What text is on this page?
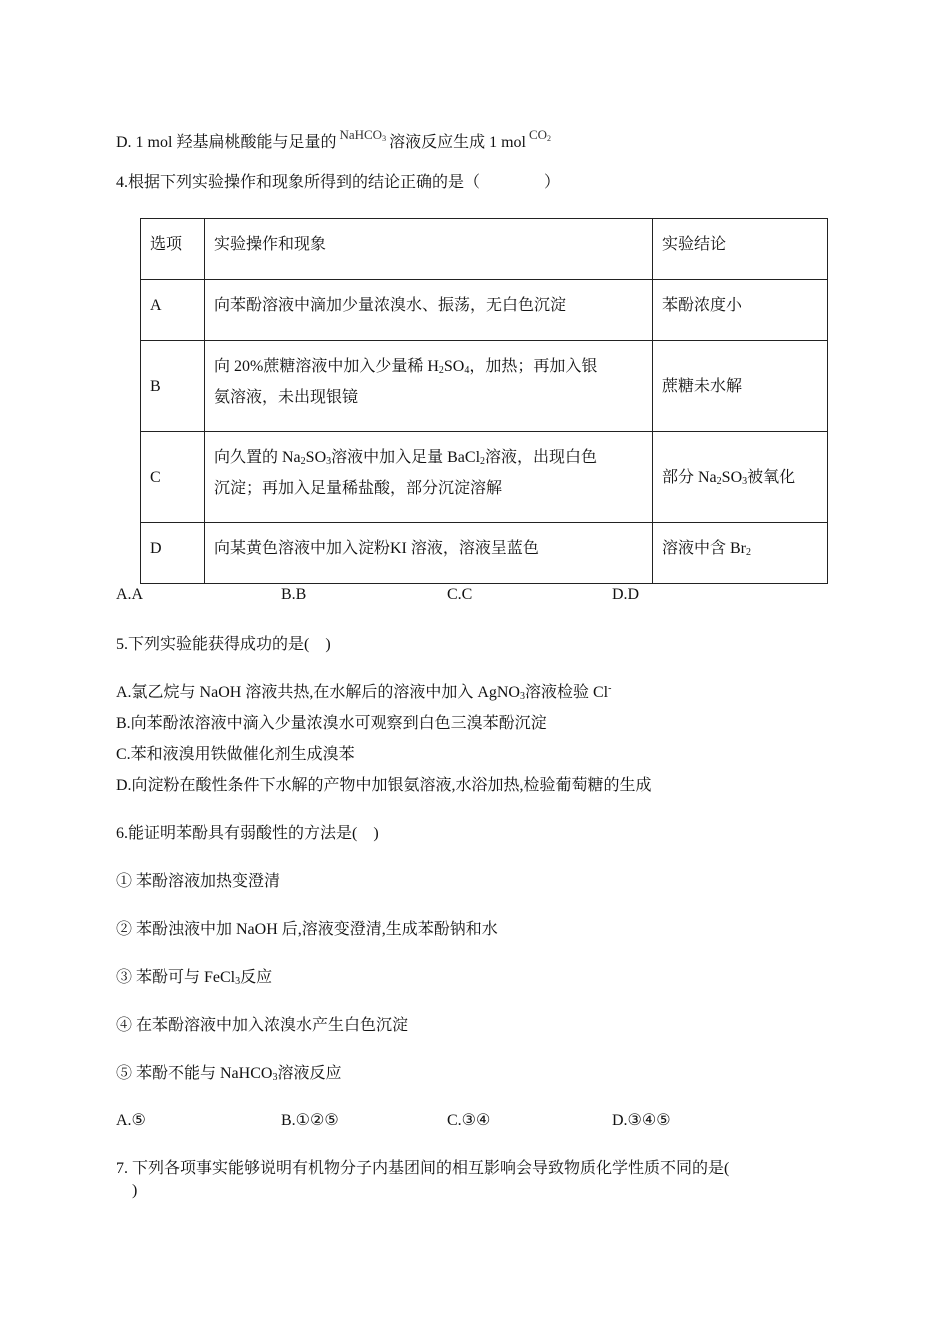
D. 1 mol 羟基扁桃酸能与足量的 $^{NaHCO_3}$ 溶液反应生成 1 mol $^{CO_2}$
4.根据下列实验操作和现象所得到的结论正确的是（　　　　）
选项	实验操作和现象	实验结论
A	向苯酚溶液中滴加少量浓溴水、振荡，无白色沉淀	苯酚浓度小
B	向 20%蔗糖溶液中加入少量稀 $H_2SO_4$，加热；再加入银
氨溶液，未出现银镜	蔗糖未水解
C	向久置的 $Na_2SO_3$溶液中加入足量 BaCl$_2$溶液，出现白色
沉淀；再加入足量稀盐酸，部分沉淀溶解	部分 $Na_2SO_3$被氧化
D	向某黄色溶液中加入淀粉KI 溶液，溶液呈蓝色	溶液中含 $Br_2$
A.A	B.B	C.C	D.D
5.下列实验能获得成功的是(　)
A.氯乙烷与 NaOH 溶液共热,在水解后的溶液中加入 AgNO$_3$溶液检验 Cl-
B.向苯酚浓溶液中滴入少量浓溴水可观察到白色三溴苯酚沉淀
C.苯和液溴用铁做催化剂生成溴苯
D.向淀粉在酸性条件下水解的产物中加银氨溶液,水浴加热,检验葡萄糖的生成
6.能证明苯酚具有弱酸性的方法是(　)
① 苯酚溶液加热变澄清
② 苯酚浊液中加 NaOH 后,溶液变澄清,生成苯酚钠和水
③ 苯酚可与 FeCl$_3$反应
④ 在苯酚溶液中加入浓溴水产生白色沉淀
⑤ 苯酚不能与 NaHCO$_3$溶液反应
A.⑤	B.①②⑤	C.③④	D.③④⑤
7. 下列各项事实能够说明有机物分子内基团间的相互影响会导致物质化学性质不同的是(
　)
